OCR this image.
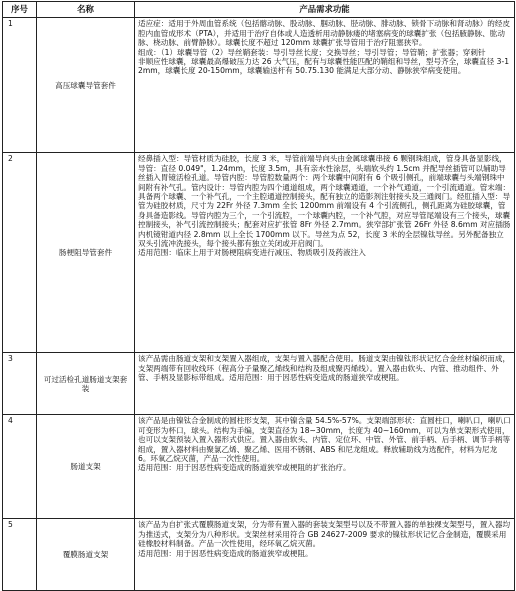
序号	名称	产品需求功能
1	高压球囊导管套件	适应症：适用于外周血管系统（包括髂动脉、股动脉、腘动脉、胫动脉、腓动脉、锁骨下动脉和肾动脉）的经皮腔内血管成形术（PTA），并适用于治疗自体或人造透析用动静脉瘘的堵塞病变的球囊扩张（包括腋静脉、肱动脉、桡动脉、前臂静脉）。球囊长度不超过 120mm 球囊扩张导管用于治疗阻塞狭窄。

组成：（1）球囊导管（2）导丝鞘套装：导引导丝长度；交换导丝；导引导管；导管鞘；扩张器；穿刺针

非顺应性球囊，球囊最高爆破压力达 26 大气压，配有与球囊性能匹配的鞘组和导丝，型号齐全，球囊直径 3-12mm，球囊长度 20-150mm，球囊输送杆有 50.75.130 能满足大部分动、静脉狭窄病变使用。

2	肠梗阻导管套件	经鼻插入型：导管材质为硅胶，长度 3 米，导管前端导向头由金属球囊串接 6 颗钢珠组成，管身具备显影线，导管：直径 0.049"，1.24mm，长度 3.5m，具有亲水性涂层，头端软头约 1.5cm 并配导丝插管可以辅助导丝插入胃镜活检孔道。导管内腔：导管腔数量两个：两个球囊中间附有 6 个吸引侧孔，前端球囊与头端钢珠中间附有补气孔。管内设计：导管内腔为四个通道组成，两个球囊通道，一个补气通道，一个引流通道。管末端：具备两个球囊、一个补气孔，一个主腔通道控制接头，配有独立的造影剂注射接头及三通阀门。经肛插入型：导管为硅胶材质，尺寸为 22Fr 外径 7.3mm 全长 1200mm 前端设有 4 个引流侧孔，侧孔距离为硅胶球囊，管身具备造影线。导管内腔为三个，一个引流腔，一个球囊内腔，一个补气腔，对应导管尾端设有三个接头，球囊控制接头，补气引流控制接头；配套对应扩张管 8Fr 外径 2.7mm。狭窄部扩张管 26Fr 外径 8.6mm 对应插肠内机镜钳道内径 2.8mm 以上全长 1700mm 以下。导丝为点 52，长度 3 米的全层镍钛导丝。另外配备独立双头引流冲洗接头，每个接头都有独立关闭或开启阀门。

适用范围：临床上用于对肠梗阻病变进行减压、物质吸引及药液注入

3	可过活检孔道肠道支架套装	该产品需由肠道支架和支架置入器组成，支架与置入器配合使用。肠道支架由镍钛形状记忆合金丝材编织而成，支架两端带有回收线环（程高分子量聚乙烯线和结构及组成聚丙烯线）。置入器由软头、内管、推动组件、外管、手柄及显影标带组成。适用范围：用于因恶性病变造成的肠道狭窄或梗阻。

4	肠道支架	该产品是由镍钛合金制成的圆柱形支架，其中镍含量 54.5%-57%。支架端部形状：直圆柱口，喇叭口，喇叭口可变形为杯口，球头。结构为手编，支架直径为 18~30mm，长度为 40~160mm，可以为单支架形式使用，也可以支架预装入置入器形式供应。置入器由软头、内管、定位环、中管、外管、前手柄、后手柄、调节手柄等组成，置入器材料由聚氯乙烯、聚乙烯、医用不锈钢、ABS 和尼龙组成。释放辅助线为选配件，材料为尼龙 6。环氧乙烷灭菌，产品一次性使用。

适用范围：用于因恶性病变造成的肠道狭窄或梗阻的扩张治疗。

5	覆膜肠道支架	该产品为自扩张式覆膜肠道支架，分为带有置入器的套装支架型号以及不带置入器的单独裸支架型号，置入器均为推送式，支架分为八种形状。支架丝材采用符合 GB 24627-2009 要求的镍钛形状记忆合金制造，覆膜采用硅橡胶材料制备。产品一次性使用，经环氧乙烷灭菌。

适用范围：用于因恶性病变造成的肠道狭窄或梗阻。
